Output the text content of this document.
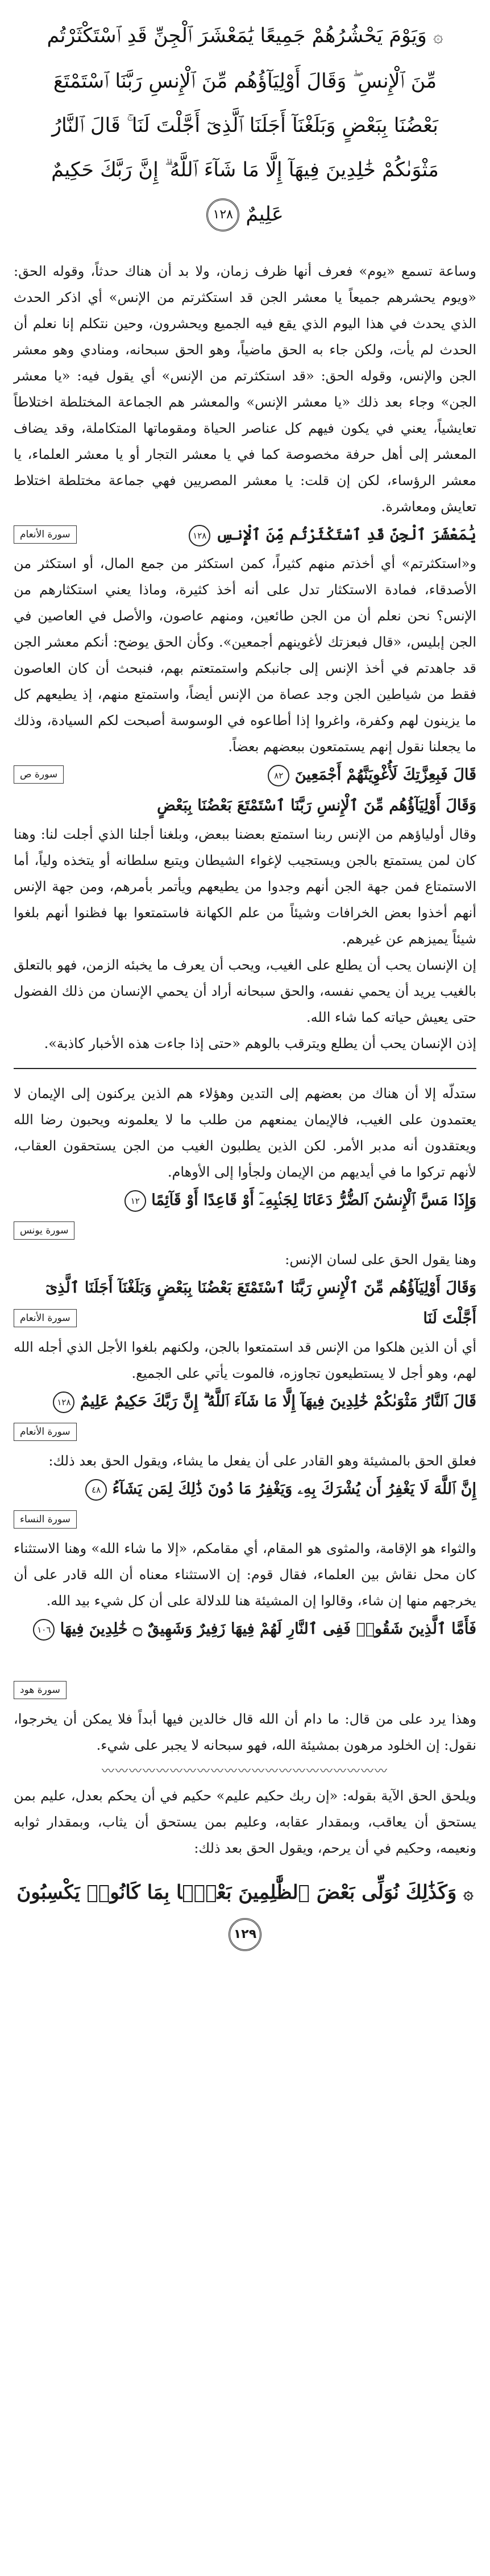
۞ وَيَوْمَ يَحْشُرُهُمْ جَمِيعًا يَٰمَعْشَرَ ٱلْجِنِّ قَدِ ٱسْتَكْثَرْتُم مِّنَ ٱلْإِنسِ ۖ وَقَالَ أَوْلِيَآؤُهُم مِّنَ ٱلْإِنسِ رَبَّنَا ٱسْتَمْتَعَ بَعْضُنَا بِبَعْضٍ وَبَلَغْنَآ أَجَلَنَا ٱلَّذِىٓ أَجَّلْتَ لَنَا ۚ قَالَ ٱلنَّارُ مَثْوَىٰكُمْ خَٰلِدِينَ فِيهَآ إِلَّا مَا شَآءَ ٱللَّهُ ۗ إِنَّ رَبَّكَ حَكِيمٌ عَلِيمٌ ١٢٨

وساعة تسمع «يوم» فعرف أنها ظرف زمان، ولا بد أن هناك حدثاً، وقوله الحق: «ويوم يحشرهم جميعاً يا معشر الجن قد استكثرتم من الإنس» أي اذكر الحدث الذي يحدث في هذا اليوم الذي يقع فيه الجميع ويحشرون، وحين نتكلم إنا نعلم أن الحدث لم يأت، ولكن جاء به الحق ماضياً، وهو الحق سبحانه، ومنادي وهو معشر الجن والإنس، وقوله الحق: «قد استكثرتم من الإنس» أي يقول فيه: «يا معشر الجن» وجاء بعد ذلك «يا معشر الإنس» والمعشر هم الجماعة المختلطة اختلاطاً تعايشياً، يعني في يكون فيهم كل عناصر الحياة ومقوماتها المتكاملة، وقد يضاف المعشر إلى أهل حرفة مخصوصة كما في يا معشر التجار أو يا معشر العلماء، يا معشر الرؤساء، لكن إن قلت: يا معشر المصريين فهي جماعة مختلطة اختلاط تعايش ومعاشرة.

يَٰمَعْشَرَ ٱلْجِنِّ قَدِ ٱسْتَكْثَرْتُم مِّنَ ٱلْإِنسِ ١٢٨
سورة الأنعام

و«استكثرتم» أي أخذتم منهم كثيراً، كمن استكثر من جمع المال، أو استكثر من الأصدقاء، فمادة الاستكثار تدل على أنه أخذ كثيرة، وماذا يعني استكثارهم من الإنس؟ نحن نعلم أن من الجن طائعين، ومنهم عاصون، والأصل في العاصين في الجن إبليس، «قال فبعزتك لأغوينهم أجمعين». وكأن الحق يوضح: أنكم معشر الجن قد جاهدتم في أخذ الإنس إلى جانبكم واستمتعتم بهم، فنبحث أن كان العاصون فقط من شياطين الجن وجد عصاة من الإنس أيضاً، واستمتع منهم، إذ يطيعهم كل ما يزينون لهم وكفرة، واغروا إذا أطاعوه في الوسوسة أصبحت لكم السيادة، وذلك ما يجعلنا نقول إنهم يستمتعون ببعضهم بعضاً.

قَالَ فَبِعِزَّتِكَ لَأُغْوِيَنَّهُمْ أَجْمَعِينَ ٨٢
سورة ص
وَقَالَ أَوْلِيَآؤُهُم مِّنَ ٱلْإِنسِ رَبَّنَا ٱسْتَمْتَعَ بَعْضُنَا بِبَعْضٍ

وقال أولياؤهم من الإنس ربنا استمتع بعضنا ببعض، وبلغنا أجلنا الذي أجلت لنا: وهنا كان لمن يستمتع بالجن ويستجيب لإغواء الشيطان ويتبع سلطانه أو يتخذه ولياً، أما الاستمتاع فمن جهة الجن أنهم وجدوا من يطيعهم ويأتمر بأمرهم، ومن جهة الإنس أنهم أخذوا بعض الخرافات وشيئاً من علم الكهانة فاستمتعوا بها فظنوا أنهم بلغوا شيئاً يميزهم عن غيرهم.

إن الإنسان يحب أن يطلع على الغيب، ويحب أن يعرف ما يخبئه الزمن، فهو بالتعلق بالغيب يريد أن يحمي نفسه، والحق سبحانه أراد أن يحمي الإنسان من ذلك الفضول حتى يعيش حياته كما شاء الله.

إذن الإنسان يحب أن يطلع ويترقب بالوهم «حتى إذا جاءت هذه الأخبار كاذبة».

ستدلّه إلا أن هناك من بعضهم إلى التدين وهؤلاء هم الذين يركنون إلى الإيمان لا يعتمدون على الغيب، فالإيمان يمنعهم من طلب ما لا يعلمونه ويحبون رضا الله ويعتقدون أنه مدبر الأمر. لكن الذين يطلبون الغيب من الجن يستحقون العقاب، لأنهم تركوا ما في أيديهم من الإيمان ولجأوا إلى الأوهام.

وَإِذَا مَسَّ ٱلْإِنسَٰنَ ٱلضُّرُّ دَعَانَا لِجَنۢبِهِۦٓ أَوْ قَاعِدًا أَوْ قَآئِمًا ١٢
سورة يونس

وهنا يقول الحق على لسان الإنس:

وَقَالَ أَوْلِيَآؤُهُم مِّنَ ٱلْإِنسِ رَبَّنَا ٱسْتَمْتَعَ بَعْضُنَا بِبَعْضٍ وَبَلَغْنَآ أَجَلَنَا ٱلَّذِىٓ أَجَّلْتَ لَنَا
سورة الأنعام

أي أن الذين هلكوا من الإنس قد استمتعوا بالجن، ولكنهم بلغوا الأجل الذي أجله الله لهم، وهو أجل لا يستطيعون تجاوزه، فالموت يأتي على الجميع.

قَالَ ٱلنَّارُ مَثْوَىٰكُمْ خَٰلِدِينَ فِيهَآ إِلَّا مَا شَآءَ ٱللَّهُ ۗ إِنَّ رَبَّكَ حَكِيمٌ عَلِيمٌ ١٢٨
سورة الأنعام

فعلق الحق بالمشيئة وهو القادر على أن يفعل ما يشاء، ويقول الحق بعد ذلك:

إِنَّ ٱللَّهَ لَا يَغْفِرُ أَن يُشْرَكَ بِهِۦ وَيَغْفِرُ مَا دُونَ ذَٰلِكَ لِمَن يَشَآءُ ٤٨
سورة النساء

والثواء هو الإقامة، والمثوى هو المقام، أي مقامكم، «إلا ما شاء الله» وهنا الاستثناء كان محل نقاش بين العلماء، فقال قوم: إن الاستثناء معناه أن الله قادر على أن يخرجهم منها إن شاء، وقالوا إن المشيئة هنا للدلالة على أن كل شيء بيد الله.

فَأَمَّا ٱلَّذِينَ شَقُوا۟ فَفِى ٱلنَّارِ لَهُمْ فِيهَا زَفِيرٌ وَشَهِيقٌ ۝ خَٰلِدِينَ فِيهَا ١٠٦
سورة هود

وهذا يرد على من قال: ما دام أن الله قال خالدين فيها أبداً فلا يمكن أن يخرجوا، نقول: إن الخلود مرهون بمشيئة الله، فهو سبحانه لا يجبر على شيء.

〰〰〰〰〰〰〰〰〰〰〰〰〰〰〰〰〰〰〰〰〰

ويلحق الحق الآية بقوله: «إن ربك حكيم عليم» حكيم في أن يحكم بعدل، عليم بمن يستحق أن يعاقب، وبمقدار عقابه، وعليم بمن يستحق أن يثاب، وبمقدار ثوابه ونعيمه، وحكيم في أن يرحم، ويقول الحق بعد ذلك:

۞ وَكَذَٰلِكَ نُوَلِّى بَعْضَ ٱلظَّٰلِمِينَ بَعْضًۢا بِمَا كَانُوا۟ يَكْسِبُونَ ١٢٩
